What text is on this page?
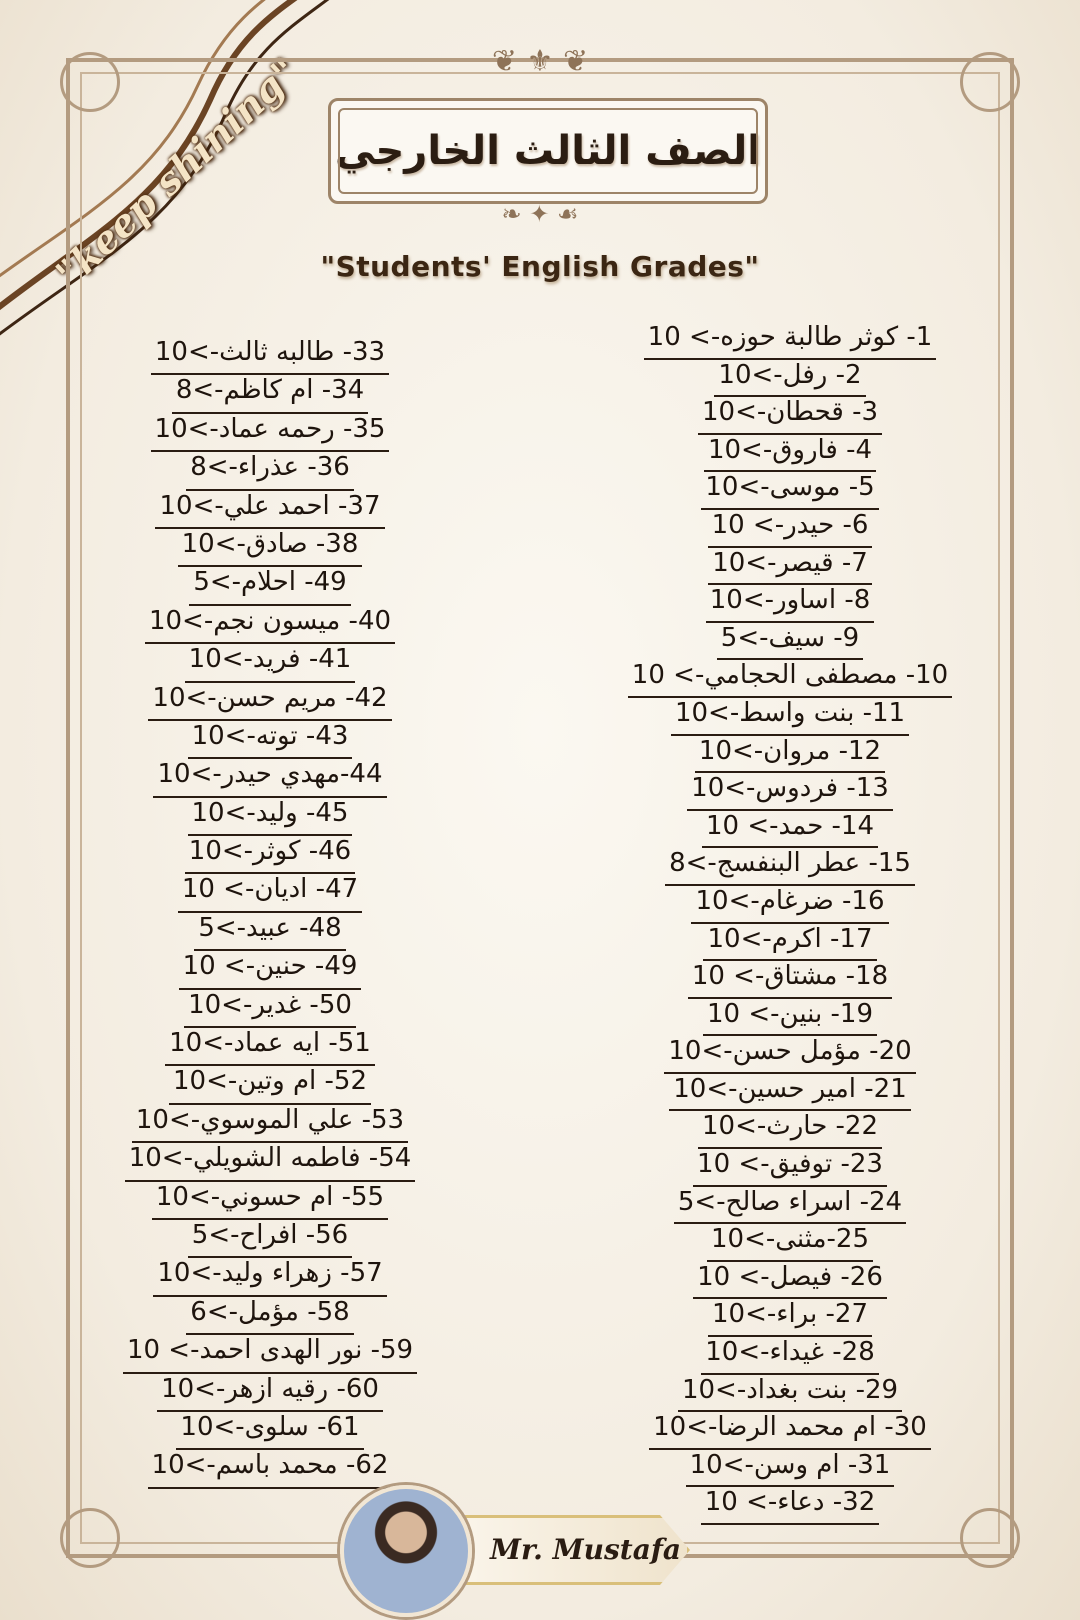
"keep shining"	❦ ⚜ ❦
الصف الثالث الخارجي
❧ ✦ ☙
"Students' English Grades"
1- كوثر طالبة حوزه-> 10
2- رفل->10
3- قحطان->10
4- فاروق->10
5- موسى->10
6- حيدر-> 10
7- قيصر->10
8- اساور->10
9- سيف->5
10- مصطفى الحجامي-> 10
11- بنت واسط->10
12- مروان->10
13- فردوس->10
14- حمد-> 10
15- عطر البنفسج->8
16- ضرغام->10
17- اكرم->10
18- مشتاق-> 10
19- بنين-> 10
20- مؤمل حسن->10
21- امير حسين->10
22- حارث->10
23- توفيق-> 10
24- اسراء صالح->5
25-مثنى->10
26- فيصل-> 10
27- براء->10
28- غيداء->10
29- بنت بغداد->10
30- ام محمد الرضا->10
31- ام وسن->10
32- دعاء-> 10
33- طالبه ثالث->10
34- ام كاظم->8
35- رحمه عماد->10
36- عذراء->8
37- احمد علي->10
38- صادق->10
49- احلام->5
40- ميسون نجم->10
41- فريد->10
42- مريم حسن->10
43- توته->10
44-مهدي حيدر->10
45- وليد->10
46- كوثر->10
47- اديان-> 10
48- عبيد->5
49- حنين-> 10
50- غدير->10
51- ايه عماد->10
52- ام وتين->10
53- علي الموسوي->10
54- فاطمه الشويلي->10
55- ام حسوني->10
56- افراح->5
57- زهراء وليد->10
58- مؤمل->6
59- نور الهدى احمد-> 10
60- رقيه ازهر->10
61- سلوى->10
62- محمد باسم->10
Mr. Mustafa
